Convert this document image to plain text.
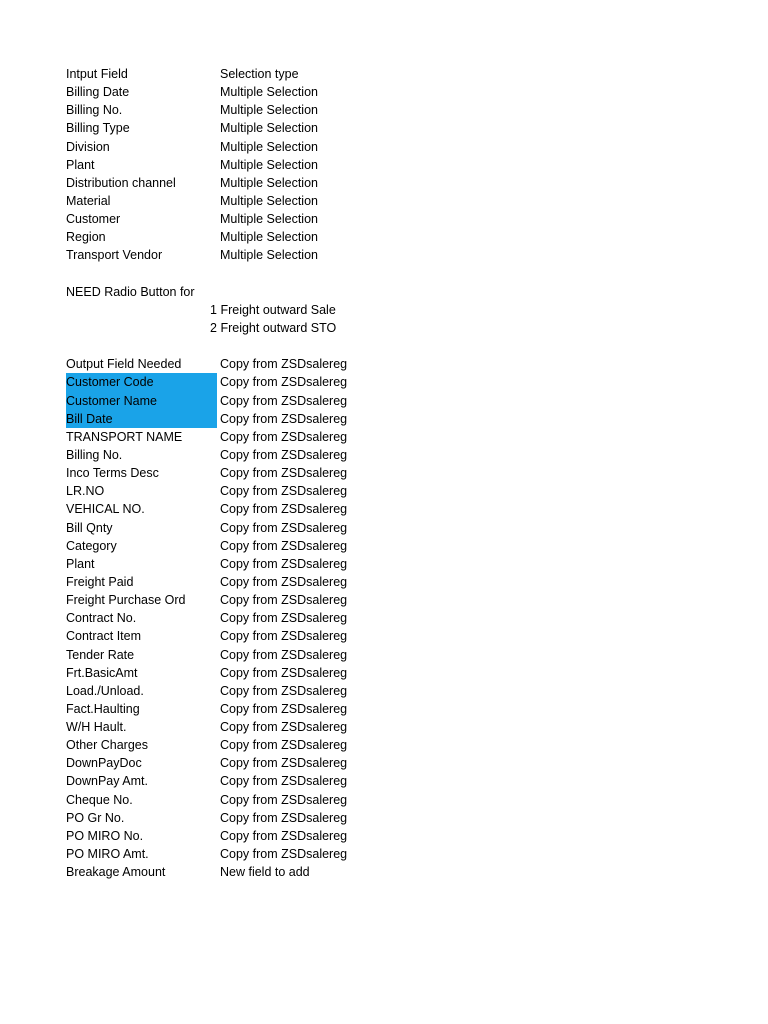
Intput Field	Selection type
Billing Date	Multiple Selection
Billing No.	Multiple Selection
Billing Type	Multiple Selection
Division	Multiple Selection
Plant	Multiple Selection
Distribution channel	Multiple Selection
Material	Multiple Selection
Customer	Multiple Selection
Region	Multiple Selection
Transport Vendor	Multiple Selection
NEED Radio Button for
1 Freight outward Sale
2 Freight outward STO
Output Field Needed	Copy from ZSDsalereg
Customer Code	Copy from ZSDsalereg
Customer Name	Copy from ZSDsalereg
Bill Date	Copy from ZSDsalereg
TRANSPORT NAME	Copy from ZSDsalereg
Billing No.	Copy from ZSDsalereg
Inco Terms Desc	Copy from ZSDsalereg
LR.NO	Copy from ZSDsalereg
VEHICAL NO.	Copy from ZSDsalereg
Bill Qnty	Copy from ZSDsalereg
Category	Copy from ZSDsalereg
Plant	Copy from ZSDsalereg
Freight Paid	Copy from ZSDsalereg
Freight Purchase Ord	Copy from ZSDsalereg
Contract No.	Copy from ZSDsalereg
Contract Item	Copy from ZSDsalereg
Tender Rate	Copy from ZSDsalereg
Frt.BasicAmt	Copy from ZSDsalereg
Load./Unload.	Copy from ZSDsalereg
Fact.Haulting	Copy from ZSDsalereg
W/H Hault.	Copy from ZSDsalereg
Other Charges	Copy from ZSDsalereg
DownPayDoc	Copy from ZSDsalereg
DownPay Amt.	Copy from ZSDsalereg
Cheque No.	Copy from ZSDsalereg
PO Gr No.	Copy from ZSDsalereg
PO MIRO No.	Copy from ZSDsalereg
PO MIRO Amt.	Copy from ZSDsalereg
Breakage Amount	New field to add
